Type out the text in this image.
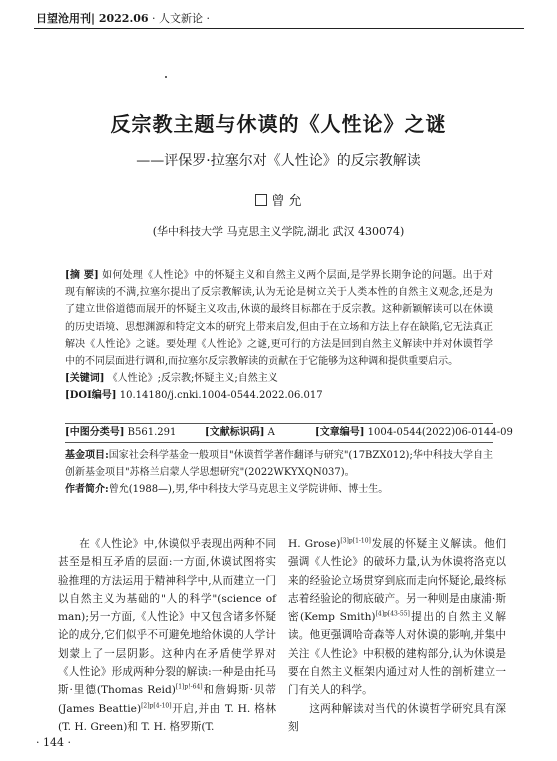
日望沧用刊| 2022.06 · 人文新论 ·
反宗教主题与休谟的《人性论》之谜
——评保罗·拉塞尔对《人性论》的反宗教解读
曾 允
(华中科技大学 马克思主义学院,湖北 武汉 430074)

[摘 要] 如何处理《人性论》中的怀疑主义和自然主义两个层面,是学界长期争论的问题。出于对现有解读的不满,拉塞尔提出了反宗教解读,认为无论是树立关于人类本性的自然主义观念,还是为了建立世俗道德而展开的怀疑主义攻击,休谟的最终目标都在于反宗教。这种新颖解读可以在休谟的历史语境、思想渊源和特定文本的研究上带来启发,但由于在立场和方法上存在缺陷,它无法真正解决《人性论》之谜。要处理《人性论》之谜,更可行的方法是回到自然主义解读中并对休谟哲学中的不同层面进行调和,而拉塞尔反宗教解读的贡献在于它能够为这种调和提供重要启示。

[关键词] 《人性论》;反宗教;怀疑主义;自然主义

[DOI编号] 10.14180/j.cnki.1004-0544.2022.06.017

[中图分类号] B561.291	[文献标识码] A	[文章编号] 1004-0544(2022)06-0144-09

基金项目:国家社会科学基金一般项目"休谟哲学著作翻译与研究"(17BZX012);华中科技大学自主创新基金项目"苏格兰启蒙人学思想研究"(2022WKYXQN037)。

作者简介:曾允(1988—),男,华中科技大学马克思主义学院讲师、博士生。

在《人性论》中,休谟似乎表现出两种不同甚至是相互矛盾的层面:一方面,休谟试图将实验推理的方法运用于精神科学中,从而建立一门以自然主义为基础的"人的科学"(science of man);另一方面,《人性论》中又包含诸多怀疑论的成分,它们似乎不可避免地给休谟的人学计划蒙上了一层阴影。这种内在矛盾使学界对《人性论》形成两种分裂的解读:一种是由托马斯·里德(Thomas Reid)[1]p!-64]和詹姆斯·贝蒂(James Beattie)[2]p[4-10]开启,并由 T. H. 格林(T. H. Green)和 T. H. 格罗斯(T.

H. Grose)[3]p[1-10]发展的怀疑主义解读。他们强调《人性论》的破坏力量,认为休谟将洛克以来的经验论立场贯穿到底而走向怀疑论,最终标志着经验论的彻底破产。另一种则是由康浦·斯密(Kemp Smith)[4]p[43-55]提出的自然主义解读。他更强调哈奇森等人对休谟的影响,并集中关注《人性论》中积极的建构部分,认为休谟是要在自然主义框架内通过对人性的剖析建立一门有关人的科学。

这两种解读对当代的休谟哲学研究具有深刻

· 144 ·
